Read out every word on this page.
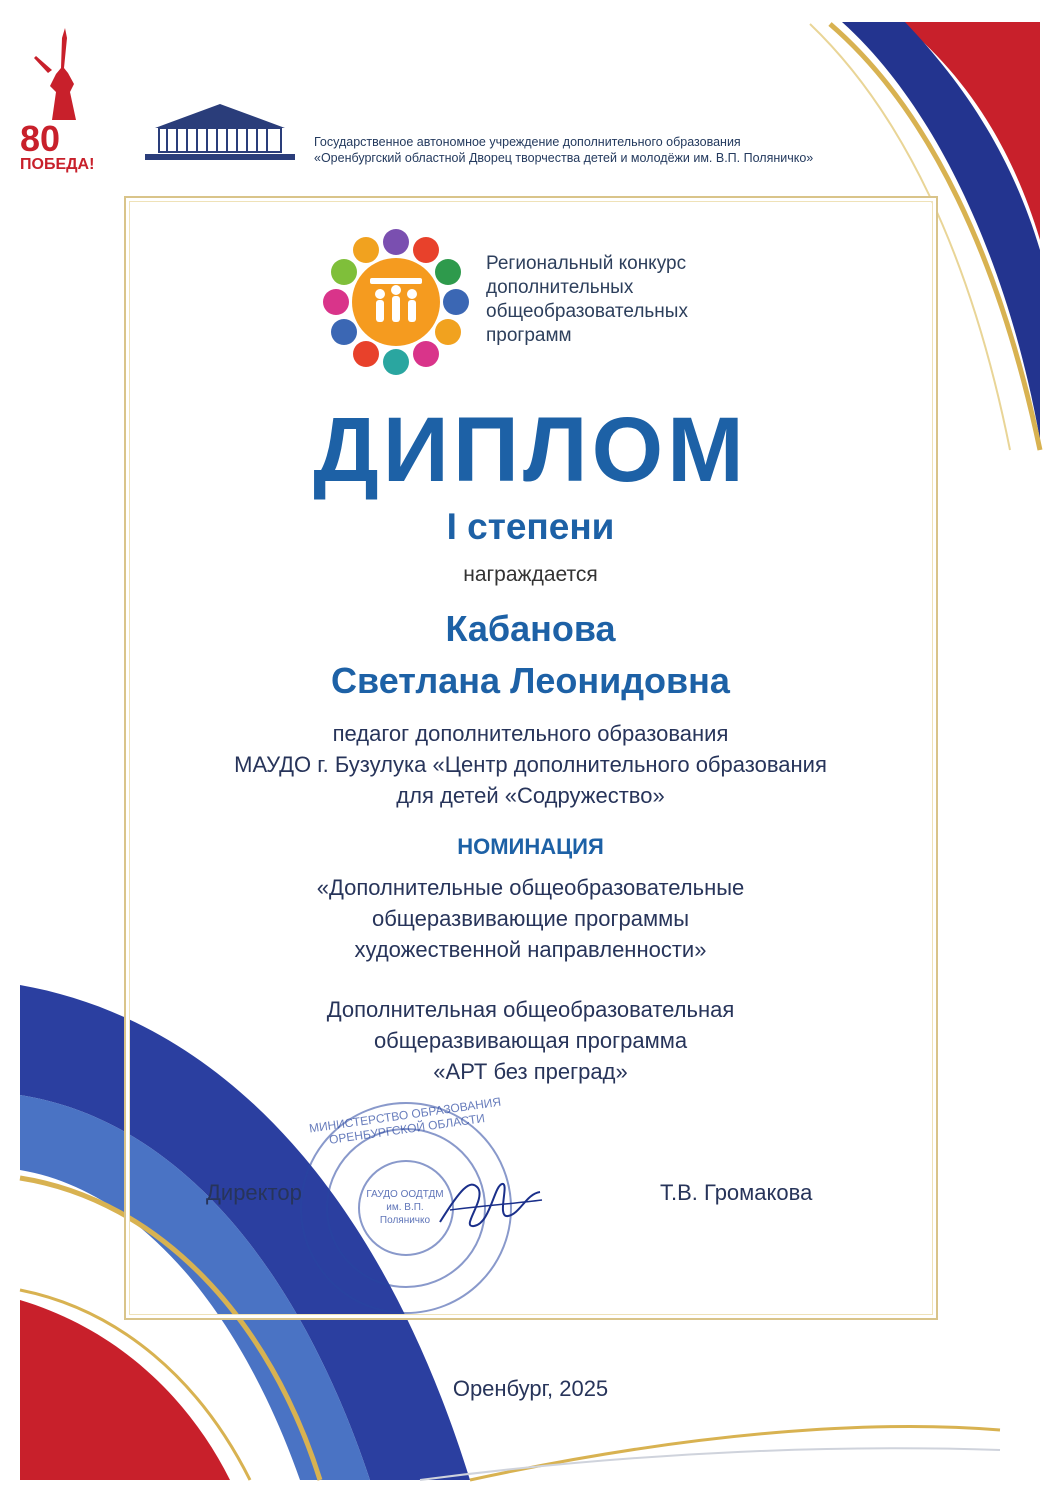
80
ПОБЕДА!
Государственное автономное учреждение дополнительного образования
«Оренбургский областной Дворец творчества детей и молодёжи им. В.П. Поляничко»
Региональный конкурс
дополнительных
общеобразовательных
программ
ДИПЛОМ
I степени
награждается
Кабанова
Светлана Леонидовна
педагог дополнительного образования
МАУДО г. Бузулука «Центр дополнительного образования
для детей «Содружество»
НОМИНАЦИЯ
«Дополнительные общеобразовательные
общеразвивающие программы
художественной направленности»
Дополнительная общеобразовательная
общеразвивающая программа
«АРТ без преград»
МИНИСТЕРСТВО ОБРАЗОВАНИЯ ОРЕНБУРГСКОЙ ОБЛАСТИ
ГАУДО ООДТДМ им. В.П. Поляничко
Директор	Т.В. Громакова
Оренбург, 2025
